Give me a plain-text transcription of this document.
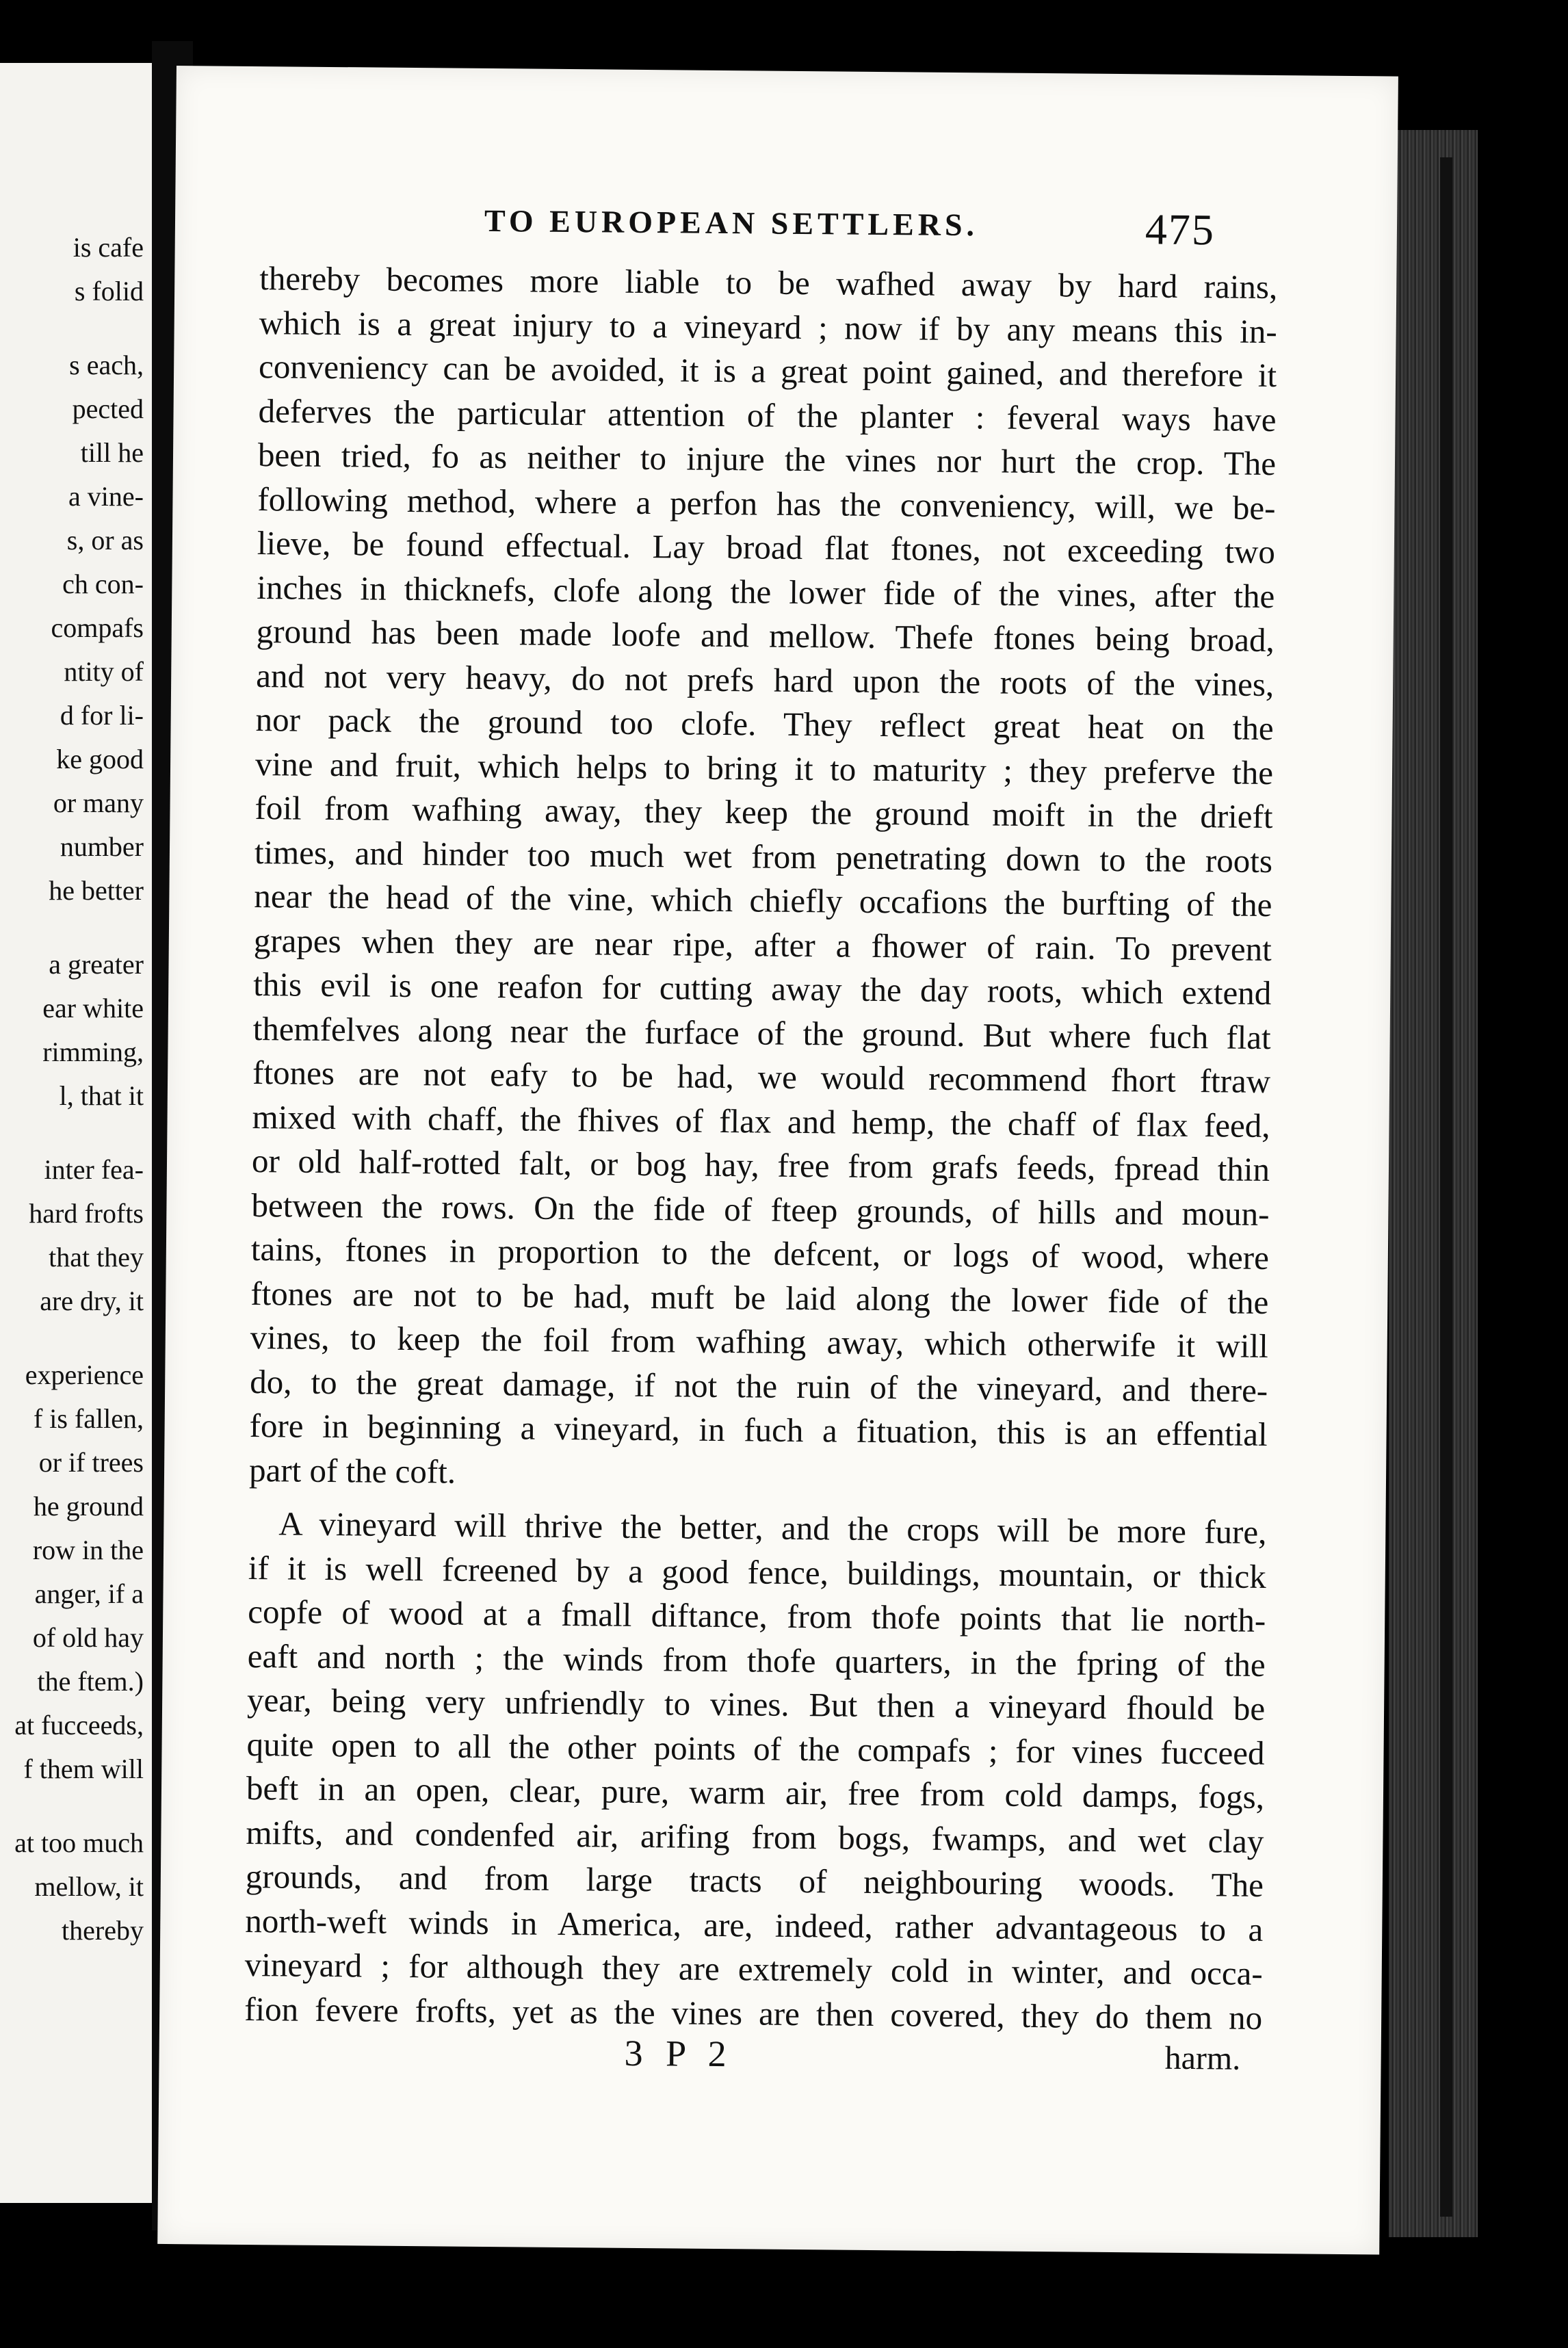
is cafe
s folid
s each,
pected
till he
a vine-
s, or as
ch con-
compafs
ntity of
d for li-
ke good
or many
number
he better
a greater
ear white
rimming,
l, that it
inter fea-
hard frofts
that they
are dry, it
experience
f is fallen,
or if trees
he ground
row in the
anger, if a
of old hay
the ftem.)
at fucceeds,
f them will
at too much
mellow, it
thereby
TO EUROPEAN SETTLERS.	475
thereby becomes more liable to be wafhed away by hard rains,
which is a great injury to a vineyard ; now if by any means this in-
conveniency can be avoided, it is a great point gained, and therefore it
deferves the particular attention of the planter : feveral ways have
been tried, fo as neither to injure the vines nor hurt the crop. The
following method, where a perfon has the conveniency, will, we be-
lieve, be found effectual. Lay broad flat ftones, not exceeding two
inches in thicknefs, clofe along the lower fide of the vines, after the
ground has been made loofe and mellow. Thefe ftones being broad,
and not very heavy, do not prefs hard upon the roots of the vines,
nor pack the ground too clofe. They reflect great heat on the
vine and fruit, which helps to bring it to maturity ; they preferve the
foil from wafhing away, they keep the ground moift in the drieft
times, and hinder too much wet from penetrating down to the roots
near the head of the vine, which chiefly occafions the burfting of the
grapes when they are near ripe, after a fhower of rain. To prevent
this evil is one reafon for cutting away the day roots, which extend
themfelves along near the furface of the ground. But where fuch flat
ftones are not eafy to be had, we would recommend fhort ftraw
mixed with chaff, the fhives of flax and hemp, the chaff of flax feed,
or old half-rotted falt, or bog hay, free from grafs feeds, fpread thin
between the rows. On the fide of fteep grounds, of hills and moun-
tains, ftones in proportion to the defcent, or logs of wood, where
ftones are not to be had, muft be laid along the lower fide of the
vines, to keep the foil from wafhing away, which otherwife it will
do, to the great damage, if not the ruin of the vineyard, and there-
fore in beginning a vineyard, in fuch a fituation, this is an effential
part of the coft.
A vineyard will thrive the better, and the crops will be more fure,
if it is well fcreened by a good fence, buildings, mountain, or thick
copfe of wood at a fmall diftance, from thofe points that lie north-
eaft and north ; the winds from thofe quarters, in the fpring of the
year, being very unfriendly to vines. But then a vineyard fhould be
quite open to all the other points of the compafs ; for vines fucceed
beft in an open, clear, pure, warm air, free from cold damps, fogs,
mifts, and condenfed air, arifing from bogs, fwamps, and wet clay
grounds, and from large tracts of neighbouring woods. The
north-weft winds in America, are, indeed, rather advantageous to a
vineyard ; for although they are extremely cold in winter, and occa-
fion fevere frofts, yet as the vines are then covered, they do them no
3 P 2	harm.
